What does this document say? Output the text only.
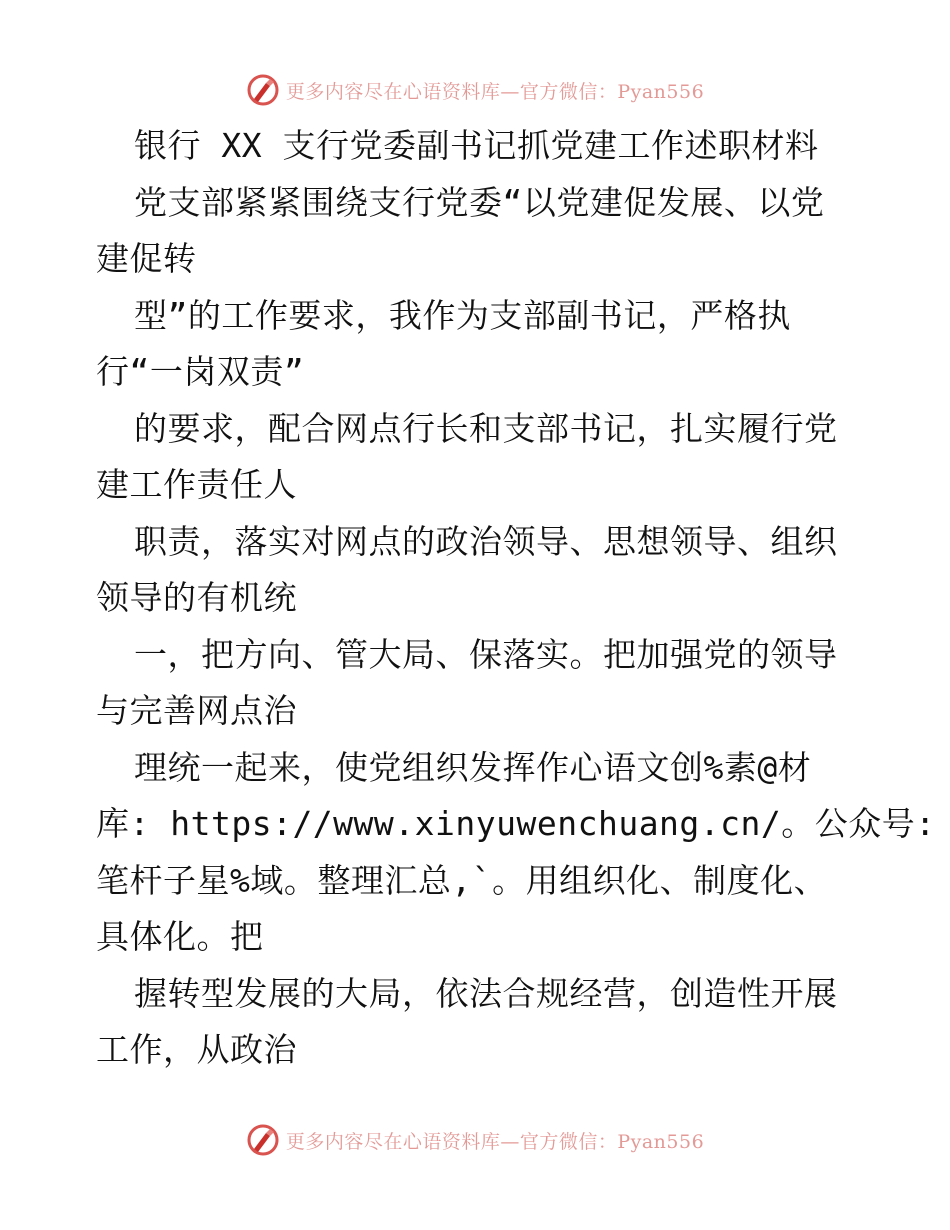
更多内容尽在心语资料库—官方微信：Pyan556
银行 XX 支行党委副书记抓党建工作述职材料
党支部紧紧围绕支行党委“以党建促发展、以党
建促转
型”的工作要求，我作为支部副书记，严格执
行“一岗双责”
的要求，配合网点行长和支部书记，扎实履行党
建工作责任人
职责，落实对网点的政治领导、思想领导、组织
领导的有机统
一，把方向、管大局、保落实。把加强党的领导
与完善网点治
理统一起来，使党组织发挥作心语文创%素@材
库: https://www.xinyuwenchuang.cn/。公众号:
笔杆子星%域。整理汇总,`。用组织化、制度化、
具体化。把
握转型发展的大局，依法合规经营，创造性开展
工作，从政治
更多内容尽在心语资料库—官方微信：Pyan556
